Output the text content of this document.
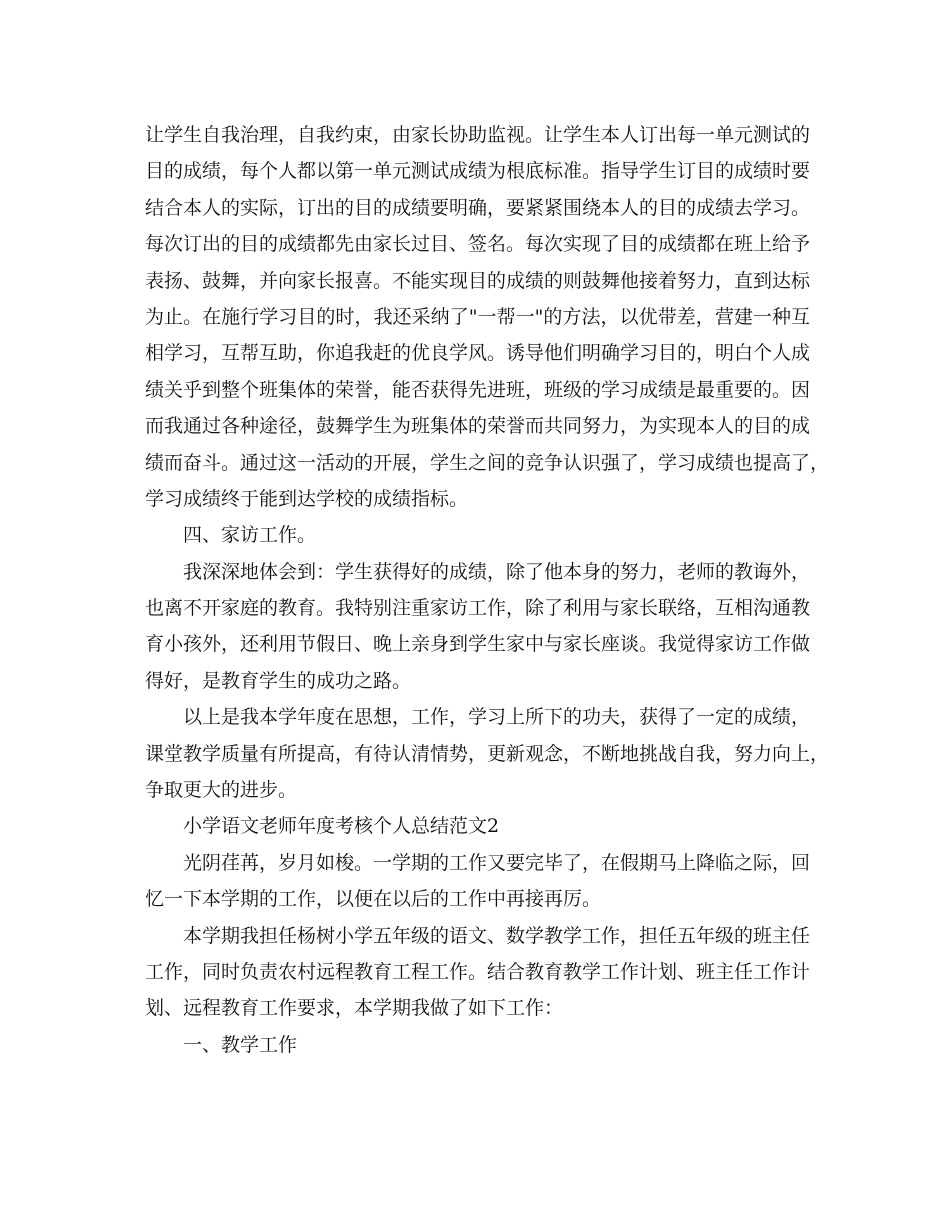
让学生自我治理，自我约束，由家长协助监视。让学生本人订出每一单元测试的
目的成绩，每个人都以第一单元测试成绩为根底标准。指导学生订目的成绩时要
结合本人的实际，订出的目的成绩要明确，要紧紧围绕本人的目的成绩去学习。
每次订出的目的成绩都先由家长过目、签名。每次实现了目的成绩都在班上给予
表扬、鼓舞，并向家长报喜。不能实现目的成绩的则鼓舞他接着努力，直到达标
为止。在施行学习目的时，我还采纳了"一帮一"的方法，以优带差，营建一种互
相学习，互帮互助，你追我赶的优良学风。诱导他们明确学习目的，明白个人成
绩关乎到整个班集体的荣誉，能否获得先进班，班级的学习成绩是最重要的。因
而我通过各种途径，鼓舞学生为班集体的荣誉而共同努力，为实现本人的目的成
绩而奋斗。通过这一活动的开展，学生之间的竞争认识强了，学习成绩也提高了，
学习成绩终于能到达学校的成绩指标。
四、家访工作。
我深深地体会到：学生获得好的成绩，除了他本身的努力，老师的教诲外，
也离不开家庭的教育。我特别注重家访工作，除了利用与家长联络，互相沟通教
育小孩外，还利用节假日、晚上亲身到学生家中与家长座谈。我觉得家访工作做
得好，是教育学生的成功之路。
以上是我本学年度在思想，工作，学习上所下的功夫，获得了一定的成绩，
课堂教学质量有所提高，有待认清情势，更新观念，不断地挑战自我，努力向上，
争取更大的进步。
小学语文老师年度考核个人总结范文2
光阴荏苒，岁月如梭。一学期的工作又要完毕了，在假期马上降临之际，回
忆一下本学期的工作，以便在以后的工作中再接再厉。
本学期我担任杨树小学五年级的语文、数学教学工作，担任五年级的班主任
工作，同时负责农村远程教育工程工作。结合教育教学工作计划、班主任工作计
划、远程教育工作要求，本学期我做了如下工作：
一、教学工作
